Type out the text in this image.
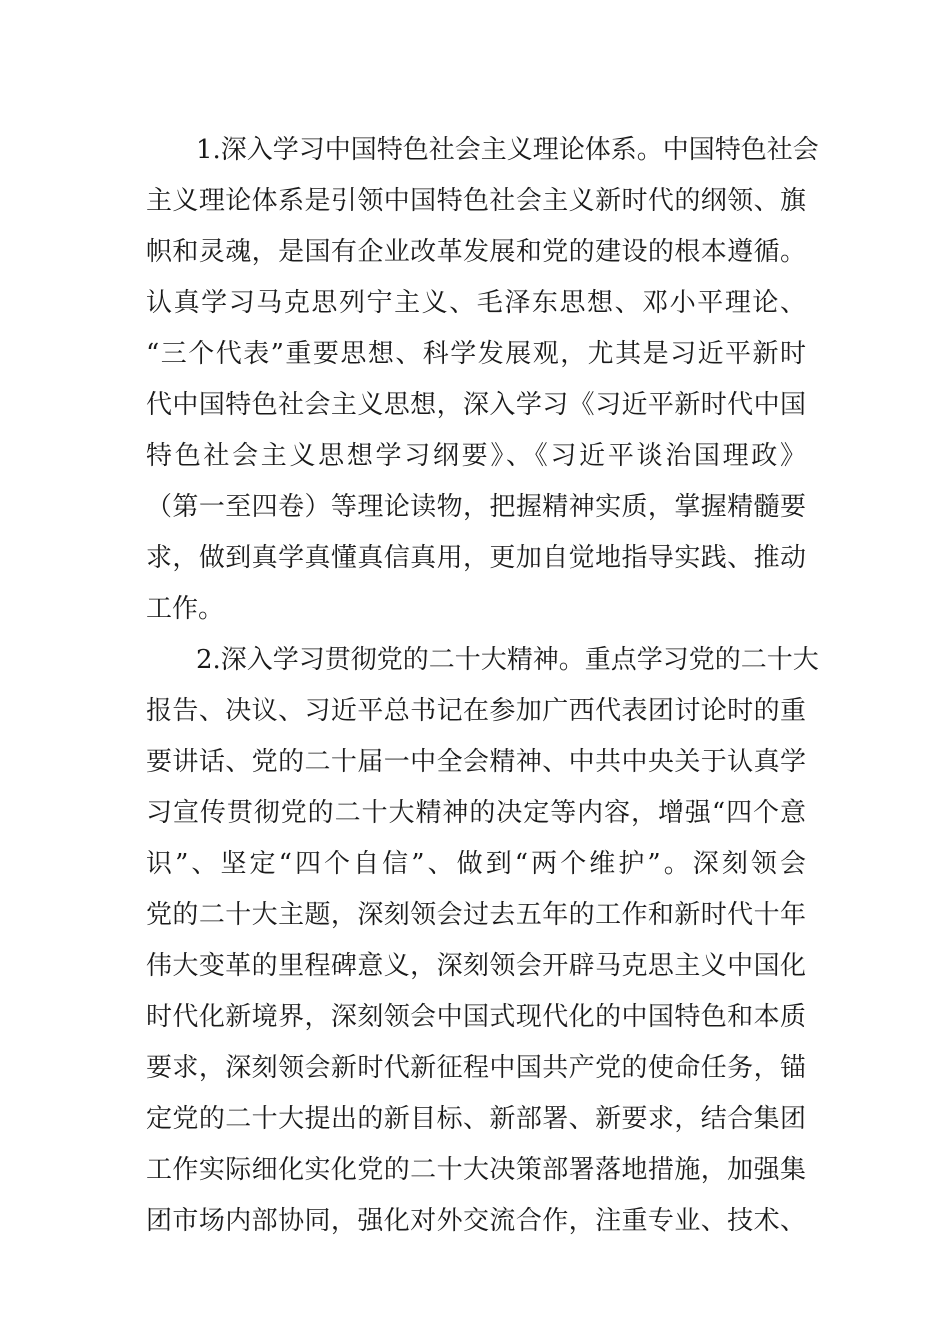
1.深入学习中国特色社会主义理论体系。中国特色社会
主义理论体系是引领中国特色社会主义新时代的纲领、旗
帜和灵魂，是国有企业改革发展和党的建设的根本遵循。
认真学习马克思列宁主义、毛泽东思想、邓小平理论、
“三个代表”重要思想、科学发展观，尤其是习近平新时
代中国特色社会主义思想，深入学习《习近平新时代中国
特色社会主义思想学习纲要》、《习近平谈治国理政》
（第一至四卷）等理论读物，把握精神实质，掌握精髓要
求，做到真学真懂真信真用，更加自觉地指导实践、推动
工作。
2.深入学习贯彻党的二十大精神。重点学习党的二十大
报告、决议、习近平总书记在参加广西代表团讨论时的重
要讲话、党的二十届一中全会精神、中共中央关于认真学
习宣传贯彻党的二十大精神的决定等内容，增强“四个意
识”、坚定“四个自信”、做到“两个维护”。深刻领会
党的二十大主题，深刻领会过去五年的工作和新时代十年
伟大变革的里程碑意义，深刻领会开辟马克思主义中国化
时代化新境界，深刻领会中国式现代化的中国特色和本质
要求，深刻领会新时代新征程中国共产党的使命任务，锚
定党的二十大提出的新目标、新部署、新要求，结合集团
工作实际细化实化党的二十大决策部署落地措施，加强集
团市场内部协同，强化对外交流合作，注重专业、技术、
